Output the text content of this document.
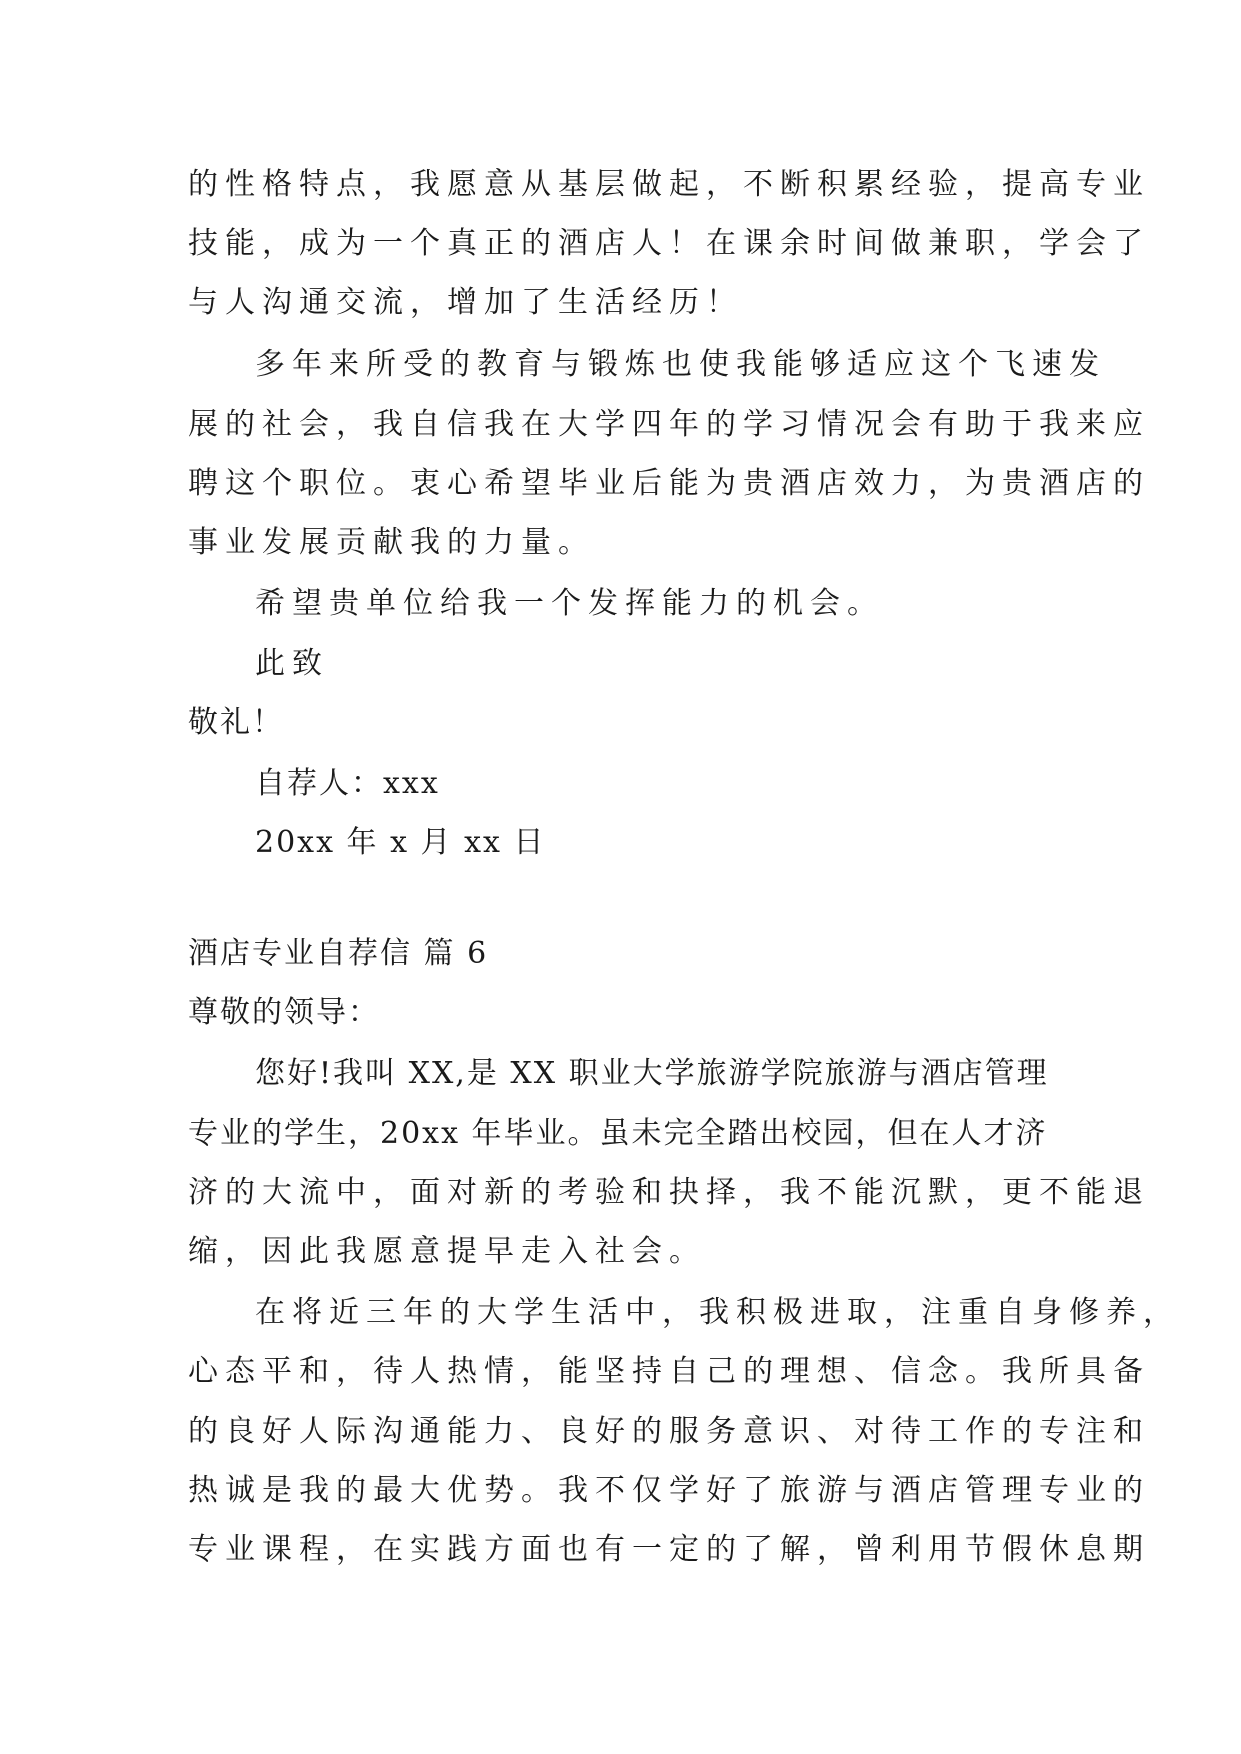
的性格特点，我愿意从基层做起，不断积累经验，提高专业

技能，成为一个真正的酒店人！在课余时间做兼职，学会了

与人沟通交流，增加了生活经历！

多年来所受的教育与锻炼也使我能够适应这个飞速发

展的社会，我自信我在大学四年的学习情况会有助于我来应

聘这个职位。衷心希望毕业后能为贵酒店效力，为贵酒店的

事业发展贡献我的力量。

希望贵单位给我一个发挥能力的机会。

此致

敬礼！

自荐人：xxx

20xx 年 x 月 xx 日

酒店专业自荐信 篇 6

尊敬的领导：

您好!我叫 XX,是 XX 职业大学旅游学院旅游与酒店管理

专业的学生，20xx 年毕业。虽未完全踏出校园，但在人才济

济的大流中，面对新的考验和抉择，我不能沉默，更不能退

缩，因此我愿意提早走入社会。

在将近三年的大学生活中，我积极进取，注重自身修养，

心态平和，待人热情，能坚持自己的理想、信念。我所具备

的良好人际沟通能力、良好的服务意识、对待工作的专注和

热诚是我的最大优势。我不仅学好了旅游与酒店管理专业的

专业课程，在实践方面也有一定的了解，曾利用节假休息期
